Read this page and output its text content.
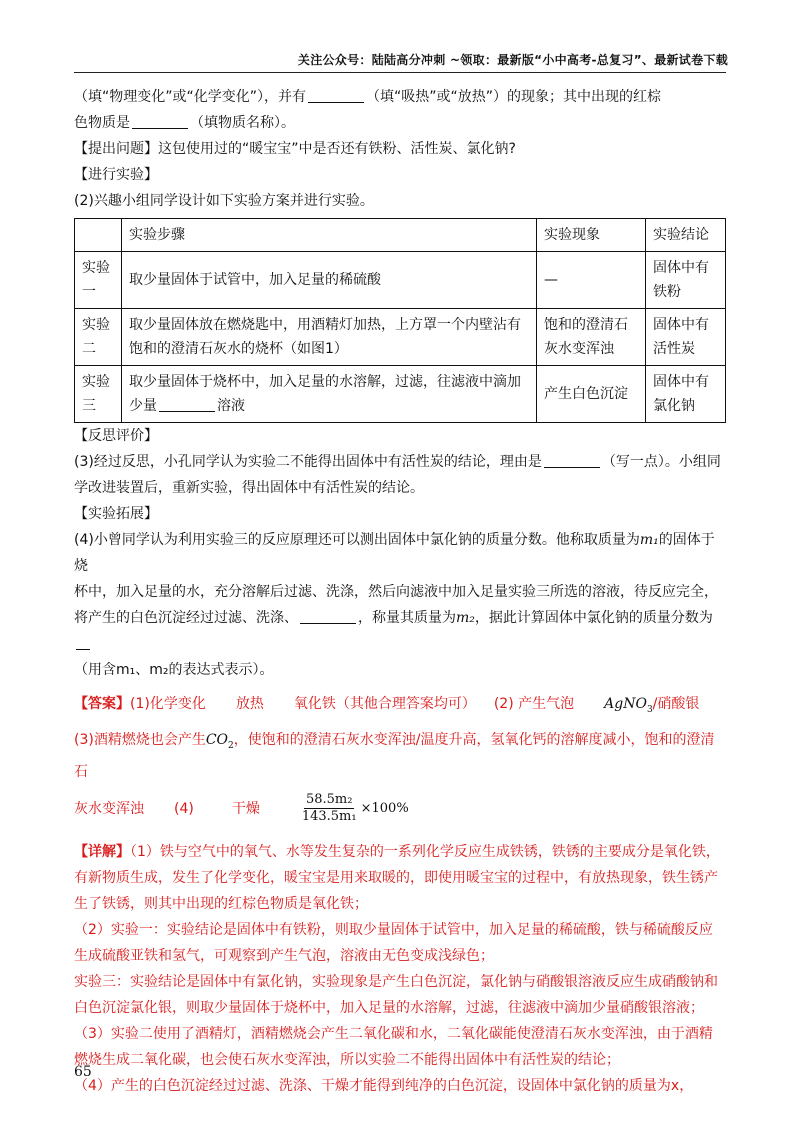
关注公众号：陆陆高分冲刺 ~领取：最新版“小中高考-总复习”、最新试卷下载

（填“物理变化”或“化学变化”），并有	（填“吸热”或“放热”）的现象；其中出现的红棕

色物质是	（填物质名称）。

【提出问题】这包使用过的“暖宝宝”中是否还有铁粉、活性炭、氯化钠?

【进行实验】

(2)兴趣小组同学设计如下实验方案并进行实验。

	实验步骤	实验现象	实验结论
实验一	取少量固体于试管中，加入足量的稀硫酸	—	固体中有铁粉
实验二	取少量固体放在燃烧匙中，用酒精灯加热，上方罩一个内壁沾有饱和的澄清石灰水的烧杯（如图1）	饱和的澄清石灰水变浑浊	固体中有活性炭
实验三	取少量固体于烧杯中，加入足量的水溶解，过滤，往滤液中滴加少量 溶液	产生白色沉淀	固体中有氯化钠

【反思评价】

(3)经过反思，小孔同学认为实验二不能得出固体中有活性炭的结论，理由是	（写一点）。小组同

学改进装置后，重新实验，得出固体中有活性炭的结论。

【实验拓展】

(4)小曾同学认为利用实验三的反应原理还可以测出固体中氯化钠的质量分数。他称取质量为m₁的固体于烧

杯中，加入足量的水，充分溶解后过滤、洗涤，然后向滤液中加入足量实验三所选的溶液，待反应完全，

将产生的白色沉淀经过过滤、洗涤、	，称量其质量为m₂，据此计算固体中氯化钠的质量分数为

（用含m₁、m₂的表达式表示）。

【答案】(1)化学变化 放热 氧化铁（其他合理答案均可） (2) 产生气泡 AgNO$_3$/硝酸银

(3)酒精燃烧也会产生$CO_2$，使饱和的澄清石灰水变浑浊/温度升高，氢氧化钙的溶解度减小，饱和的澄清石

灰水变浑浊 (4)	干燥	$\frac{\text{58.5m₂}}{\text{143.5m₁}} \times 100\%$

【详解】（1）铁与空气中的氧气、水等发生复杂的一系列化学反应生成铁锈，铁锈的主要成分是氧化铁，

有新物质生成，发生了化学变化，暖宝宝是用来取暖的，即使用暖宝宝的过程中，有放热现象，铁生锈产

生了铁锈，则其中出现的红棕色物质是氧化铁；

（2）实验一：实验结论是固体中有铁粉，则取少量固体于试管中，加入足量的稀硫酸，铁与稀硫酸反应

生成硫酸亚铁和氢气，可观察到产生气泡，溶液由无色变成浅绿色；

实验三：实验结论是固体中有氯化钠，实验现象是产生白色沉淀，氯化钠与硝酸银溶液反应生成硝酸钠和

白色沉淀氯化银，则取少量固体于烧杯中，加入足量的水溶解，过滤，往滤液中滴加少量硝酸银溶液；

（3）实验二使用了酒精灯，酒精燃烧会产生二氧化碳和水，二氧化碳能使澄清石灰水变浑浊，由于酒精

燃烧生成二氧化碳，也会使石灰水变浑浊，所以实验二不能得出固体中有活性炭的结论；

（4）产生的白色沉淀经过过滤、洗涤、干燥才能得到纯净的白色沉淀，设固体中氯化钠的质量为x，

65
